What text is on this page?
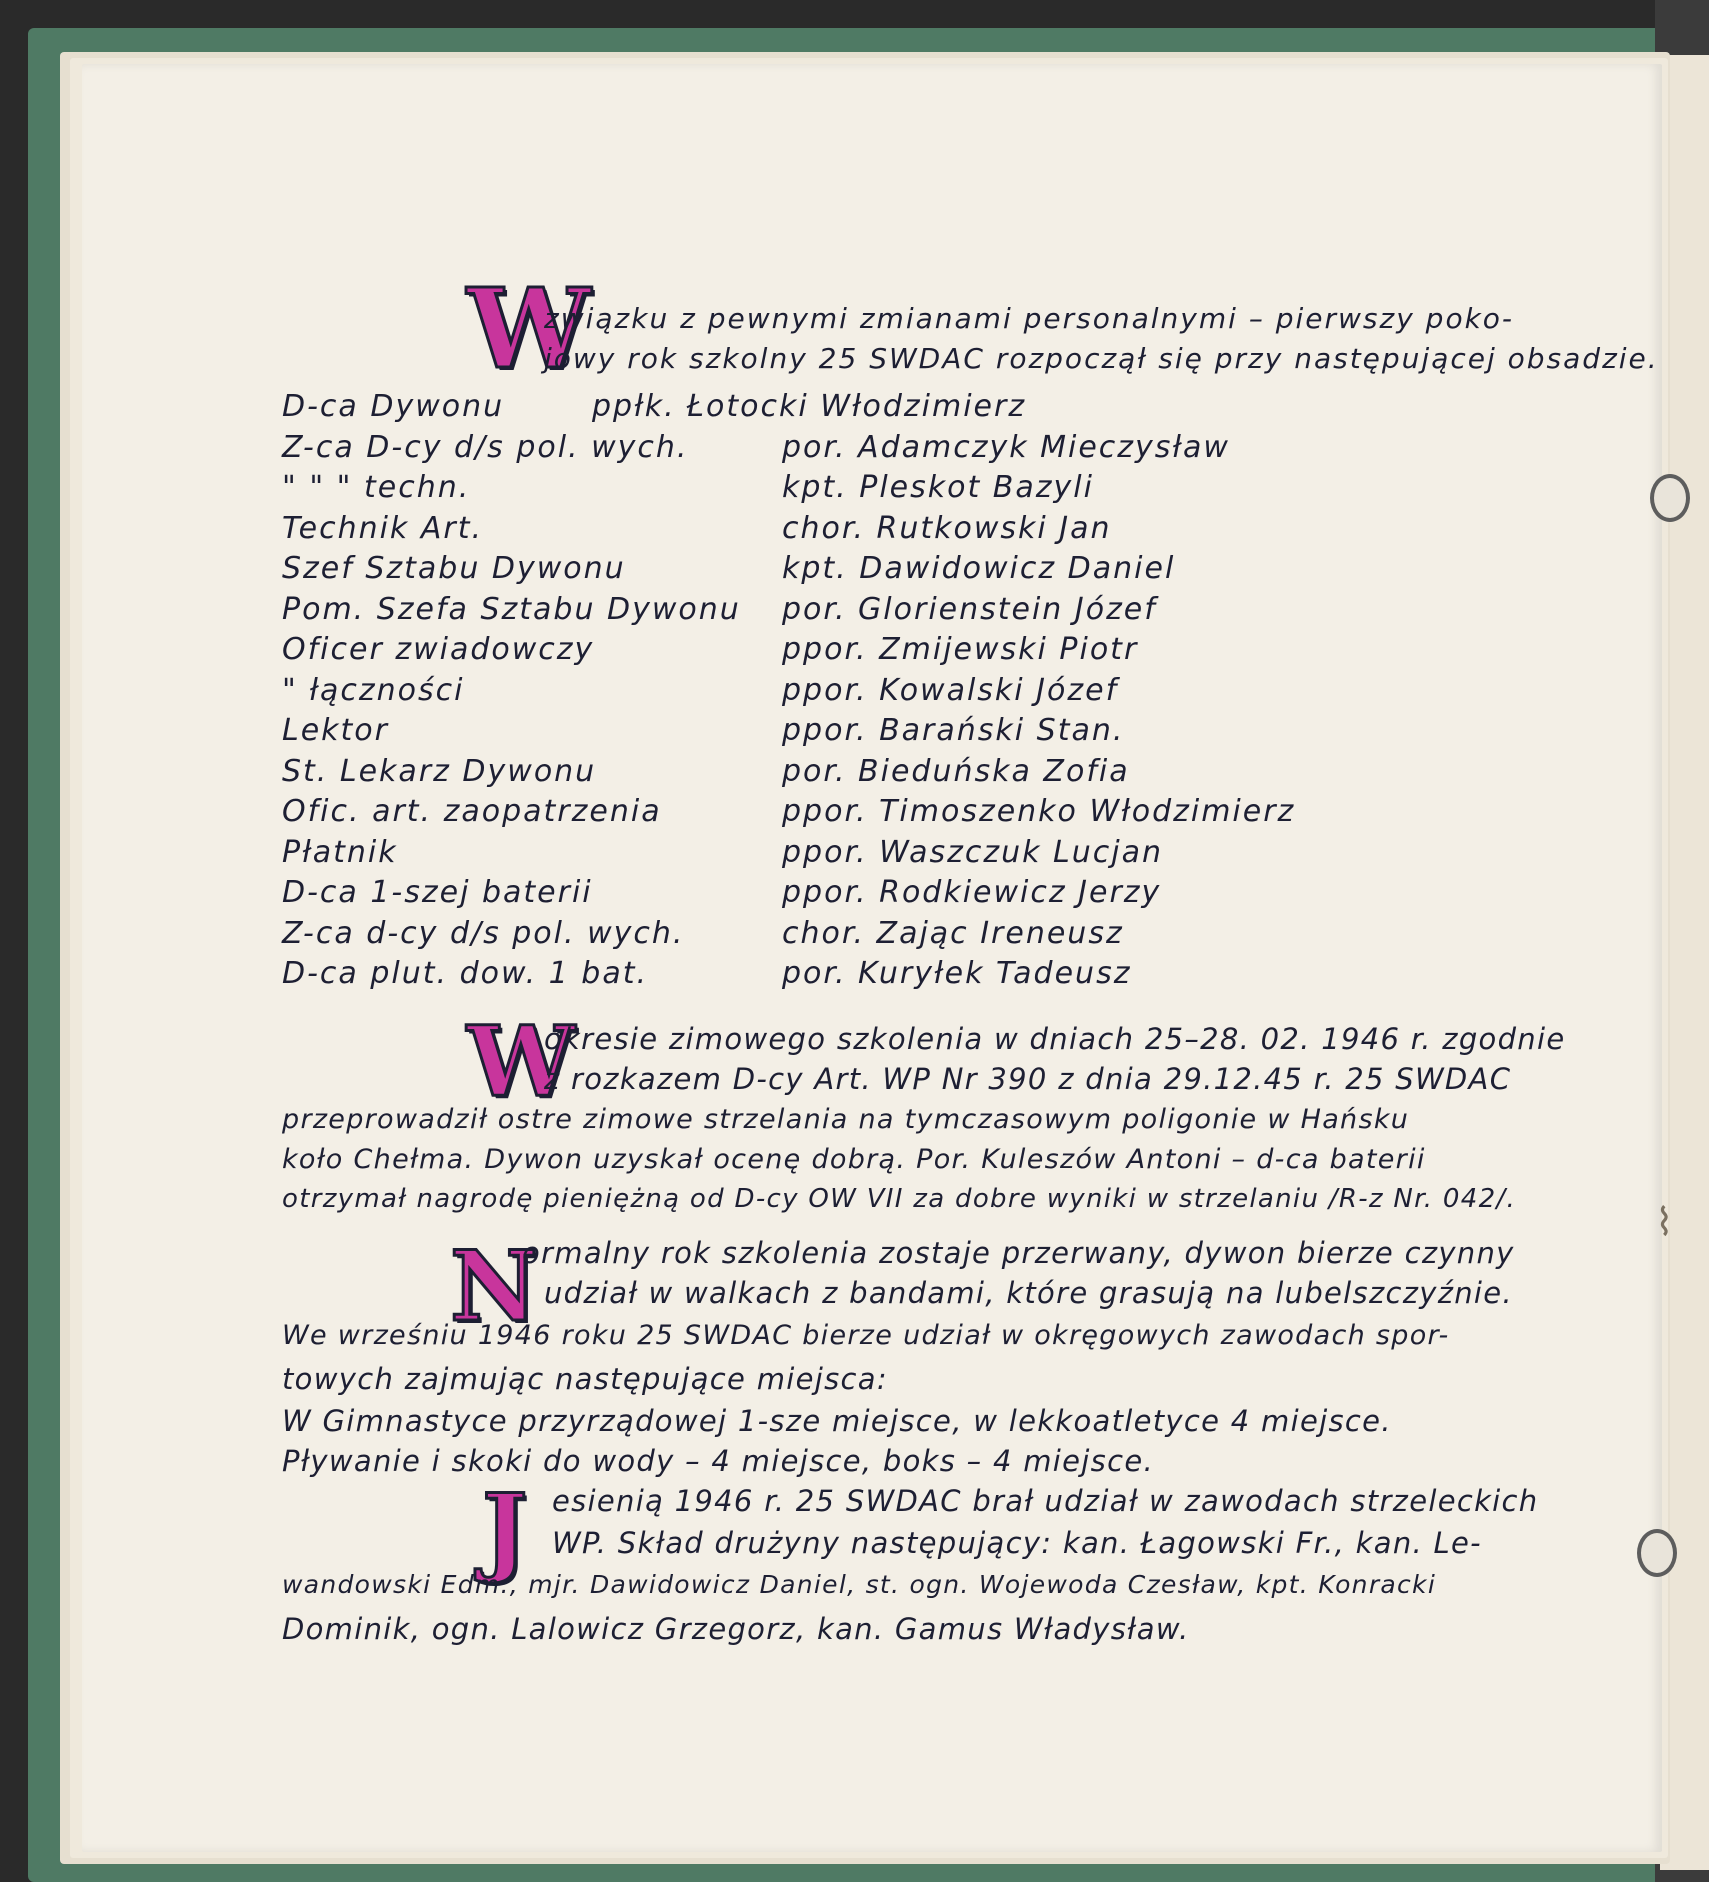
W
związku z pewnymi zmianami personalnymi – pierwszy poko-
jowy rok szkolny 25 SWDAC rozpoczął się przy następującej obsadzie.
D-ca Dywonu	ppłk. Łotocki Włodzimierz
Z-ca D-cy d/s pol. wych.	por. Adamczyk Mieczysław
" " " techn.	kpt. Pleskot Bazyli
Technik Art.	chor. Rutkowski Jan
Szef Sztabu Dywonu	kpt. Dawidowicz Daniel
Pom. Szefa Sztabu Dywonu por. Glorienstein Józef
Oficer zwiadowczy	ppor. Zmijewski Piotr
" łączności	ppor. Kowalski Józef
Lektor	ppor. Barański Stan.
St. Lekarz Dywonu	por. Bieduńska Zofia
Ofic. art. zaopatrzenia	ppor. Timoszenko Włodzimierz
Płatnik	ppor. Waszczuk Lucjan
D-ca 1-szej baterii	ppor. Rodkiewicz Jerzy
Z-ca d-cy d/s pol. wych.	chor. Zając Ireneusz
D-ca plut. dow. 1 bat.	por. Kuryłek Tadeusz
W
okresie zimowego szkolenia w dniach 25–28. 02. 1946 r. zgodnie
z rozkazem D-cy Art. WP Nr 390 z dnia 29.12.45 r. 25 SWDAC
przeprowadził ostre zimowe strzelania na tymczasowym poligonie w Hańsku
koło Chełma. Dywon uzyskał ocenę dobrą. Por. Kuleszów Antoni – d-ca baterii
otrzymał nagrodę pieniężną od D-cy OW VII za dobre wyniki w strzelaniu /R-z Nr. 042/.
N
ormalny rok szkolenia zostaje przerwany, dywon bierze czynny
udział w walkach z bandami, które grasują na lubelszczyźnie.
We wrześniu 1946 roku 25 SWDAC bierze udział w okręgowych zawodach spor-
towych zajmując następujące miejsca:
W Gimnastyce przyrządowej 1-sze miejsce, w lekkoatletyce 4 miejsce.
Pływanie i skoki do wody – 4 miejsce, boks – 4 miejsce.
J esienią 1946 r. 25 SWDAC brał udział w zawodach strzeleckich
WP. Skład drużyny następujący: kan. Łagowski Fr., kan. Le-
wandowski Edm., mjr. Dawidowicz Daniel, st. ogn. Wojewoda Czesław, kpt. Konracki
Dominik, ogn. Lalowicz Grzegorz, kan. Gamus Władysław.
⌇
